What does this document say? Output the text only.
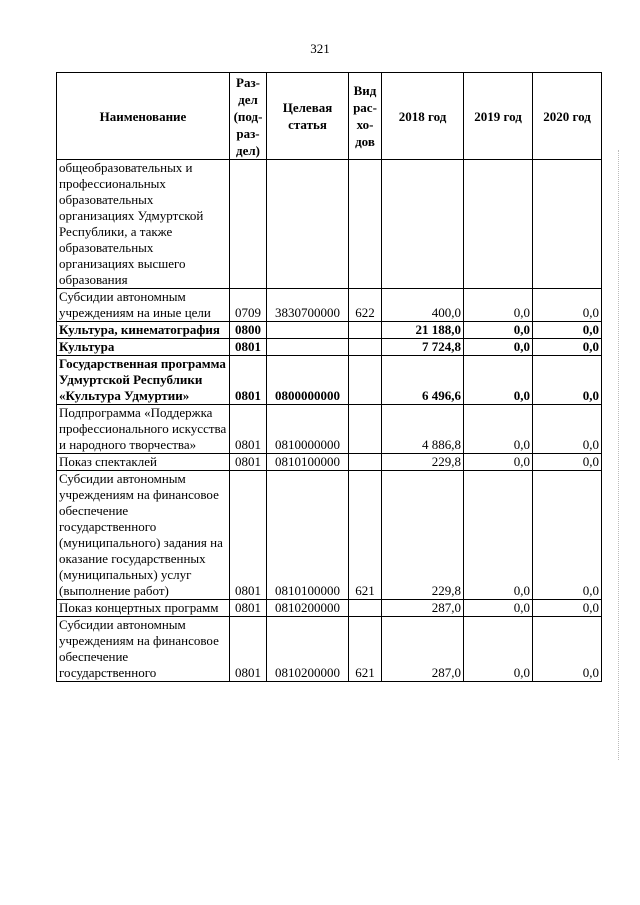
321
Наименование	Раз-
дел
(под-
раз-
дел)	Целевая
статья	Вид
рас-
хо-
дов	2018 год	2019 год	2020 год
общеобразовательных и профессиональных образовательных организациях Удмуртской Республики, а также образовательных организациях высшего образования						
Субсидии автономным учреждениям на иные цели	0709	3830700000	622	400,0	0,0	0,0
Культура, кинематография	0800			21 188,0	0,0	0,0
Культура	0801			7 724,8	0,0	0,0
Государственная программа Удмуртской Республики «Культура Удмуртии»	0801	0800000000		6 496,6	0,0	0,0
Подпрограмма «Поддержка профессионального искусства и народного творчества»	0801	0810000000		4 886,8	0,0	0,0
Показ спектаклей	0801	0810100000		229,8	0,0	0,0
Субсидии автономным учреждениям на финансовое обеспечение государственного (муниципального) задания на оказание государственных (муниципальных) услуг (выполнение работ)	0801	0810100000	621	229,8	0,0	0,0
Показ концертных программ	0801	0810200000		287,0	0,0	0,0
Субсидии автономным учреждениям на финансовое обеспечение государственного	0801	0810200000	621	287,0	0,0	0,0
